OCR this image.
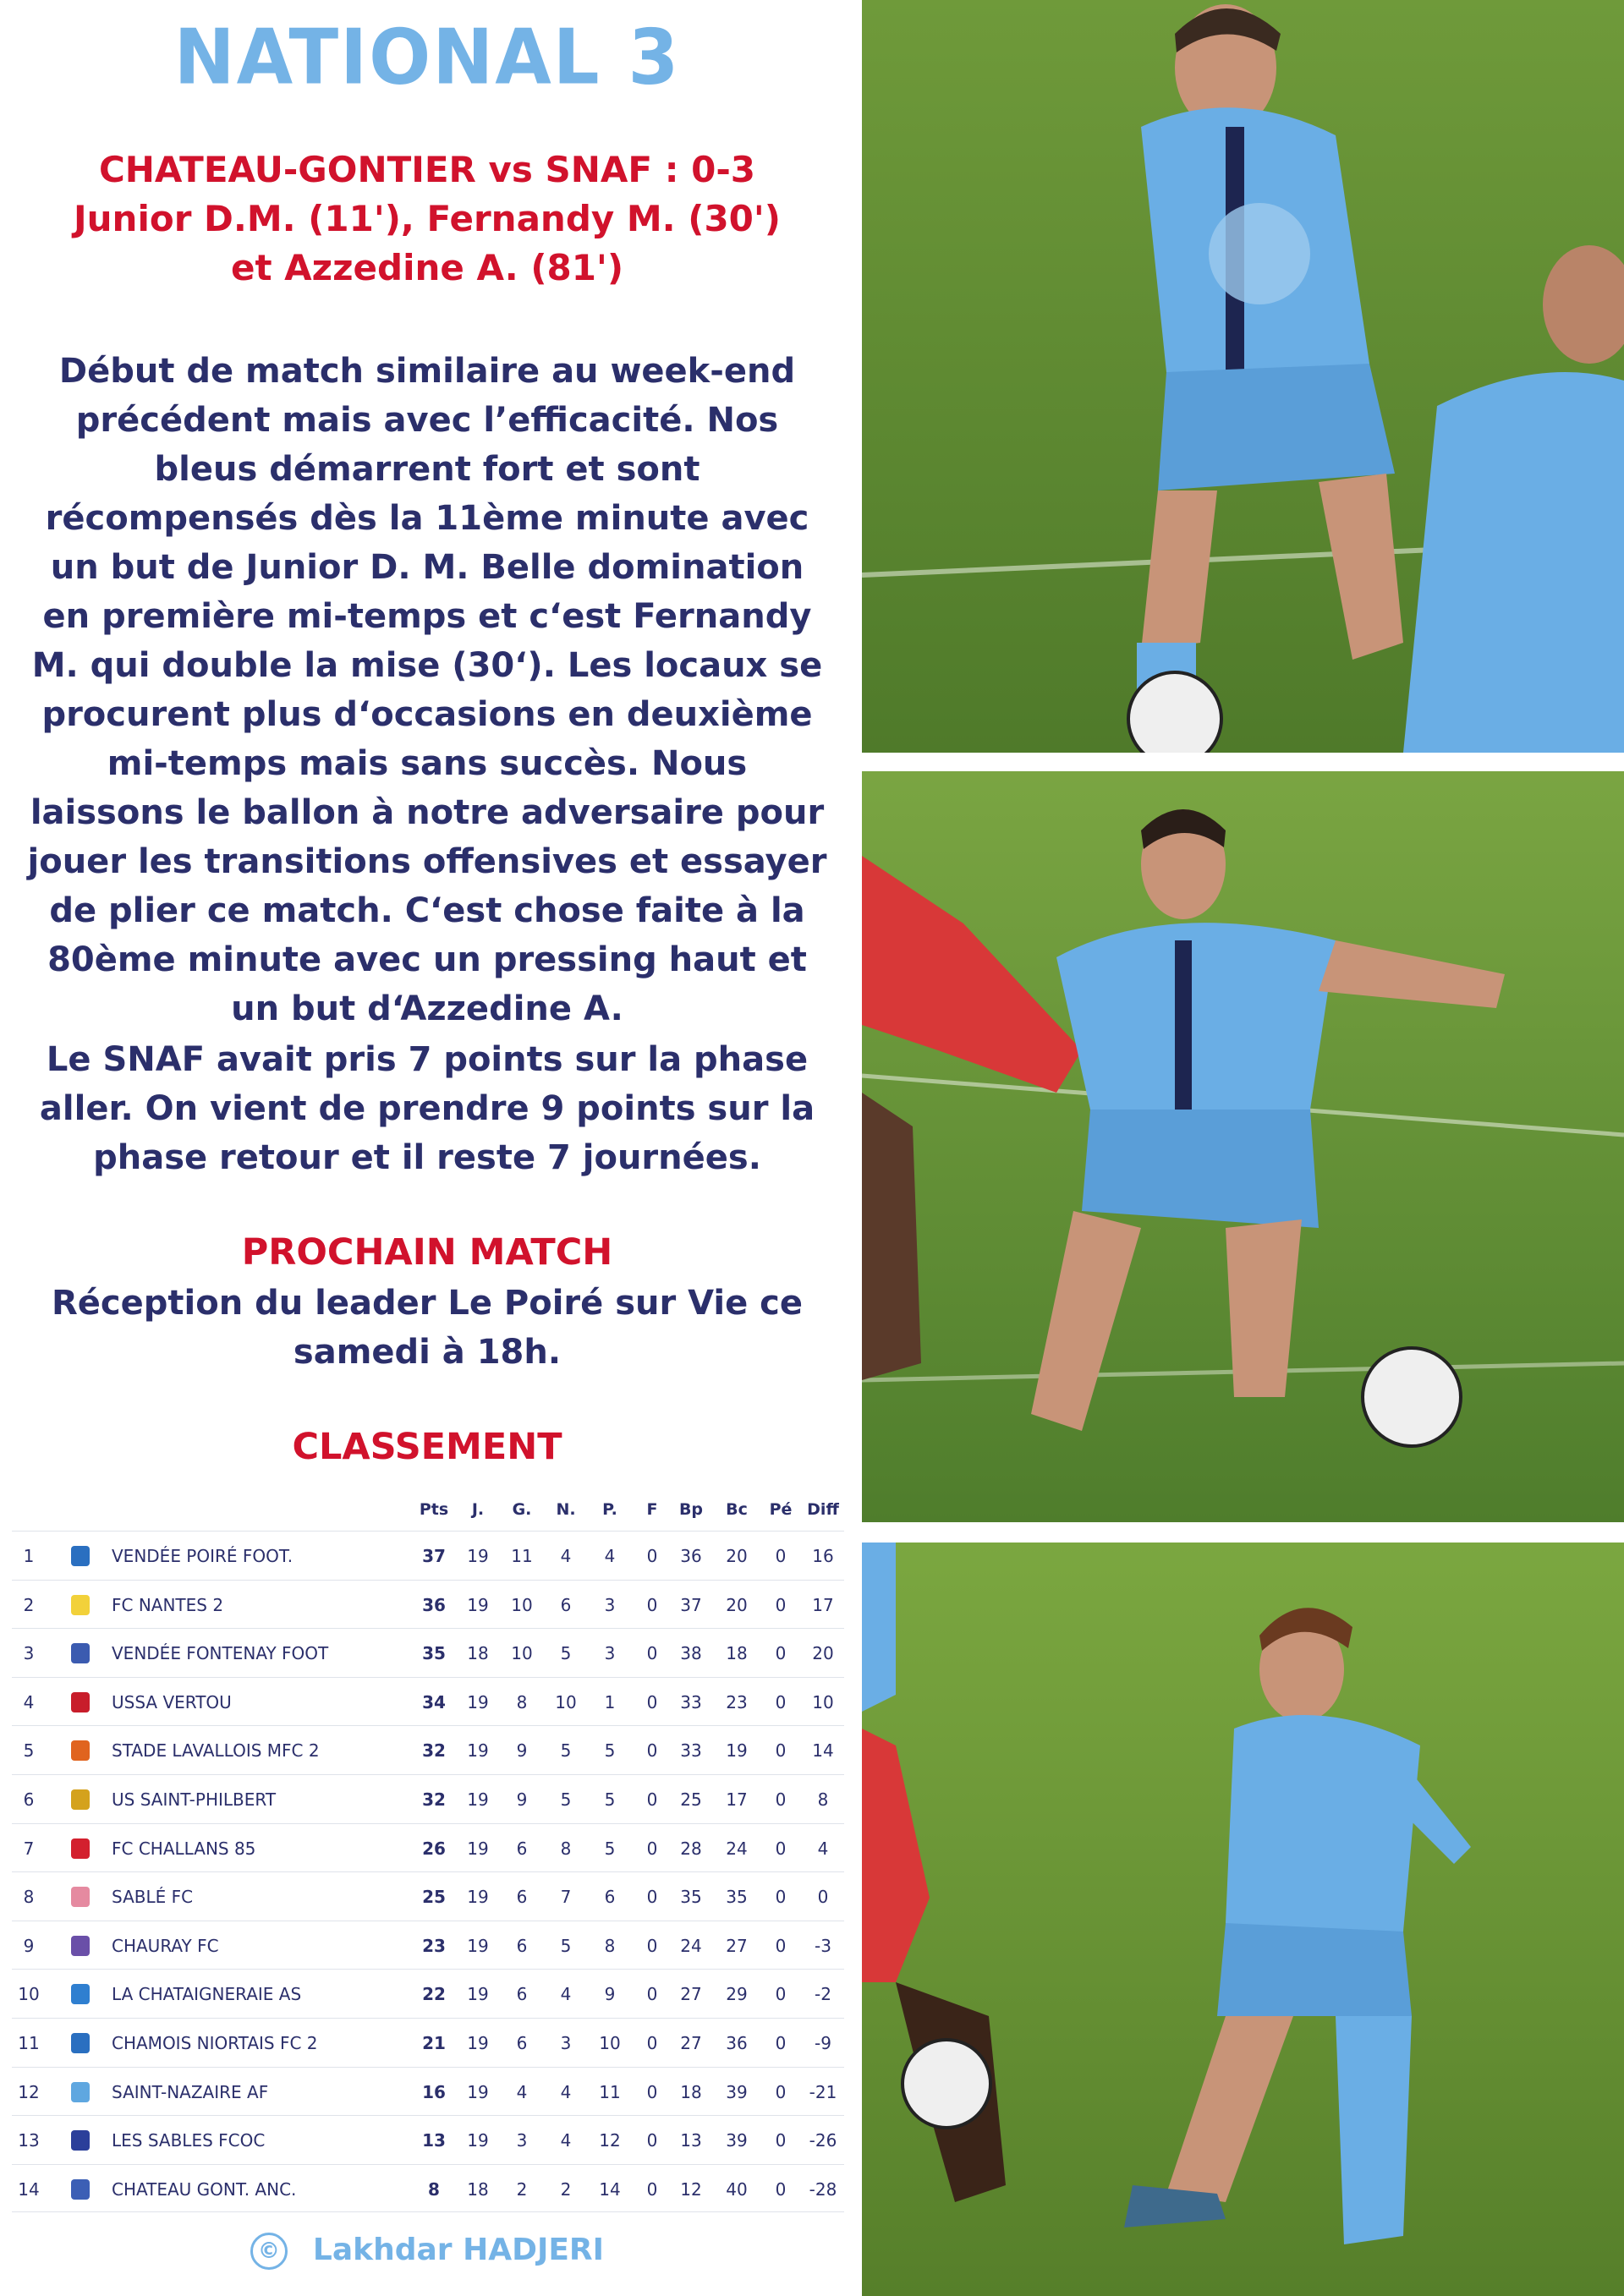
NATIONAL 3
CHATEAU-GONTIER vs SNAF : 0-3
Junior D.M. (11'), Fernandy M. (30')
et Azzedine A. (81')
Début de match similaire au week-end précédent mais avec l’efficacité. Nos bleus démarrent fort et sont récompensés dès la 11ème minute avec un but de Junior D. M. Belle domination en première mi-temps et c‘est Fernandy M. qui double la mise (30‘). Les locaux se procurent plus d‘occasions en deuxième mi-temps mais sans succès. Nous laissons le ballon à notre adversaire pour jouer les transitions offensives et essayer de plier ce match. C‘est chose faite à la 80ème minute avec un pressing haut et un but d‘Azzedine A.
Le SNAF avait pris 7 points sur la phase aller. On vient de prendre 9 points sur la phase retour et il reste 7 journées.
PROCHAIN MATCH
Réception du leader Le Poiré sur Vie ce samedi à 18h.
CLASSEMENT
Pts	J.	G.	N.	P.	F	Bp	Bc	Pé Diff
1	VENDÉE POIRÉ FOOT.	37	19	11	4	4	0	36	20	0	16
2	FC NANTES 2	36	19	10	6	3	0	37	20	0	17
3	VENDÉE FONTENAY FOOT	35	18	10	5	3	0	38	18	0	20
4	USSA VERTOU	34	19	8	10	1	0	33	23	0	10
5	STADE LAVALLOIS MFC 2	32	19	9	5	5	0	33	19	0	14
6	US SAINT-PHILBERT	32	19	9	5	5	0	25	17	0	8
7	FC CHALLANS 85	26	19	6	8	5	0	28	24	0	4
8	SABLÉ FC	25	19	6	7	6	0	35	35	0	0
9	CHAURAY FC	23	19	6	5	8	0	24	27	0	-3
10	LA CHATAIGNERAIE AS	22	19	6	4	9	0	27	29	0	-2
11	CHAMOIS NIORTAIS FC 2	21	19	6	3	10	0	27	36	0	-9
12	SAINT-NAZAIRE AF	16	19	4	4	11	0	18	39	0	-21
13	LES SABLES FCOC	13	19	3	4	12	0	13	39	0	-26
14	CHATEAU GONT. ANC.	8	18	2	2	14	0	12	40	0	-28
© Lakhdar HADJERI
